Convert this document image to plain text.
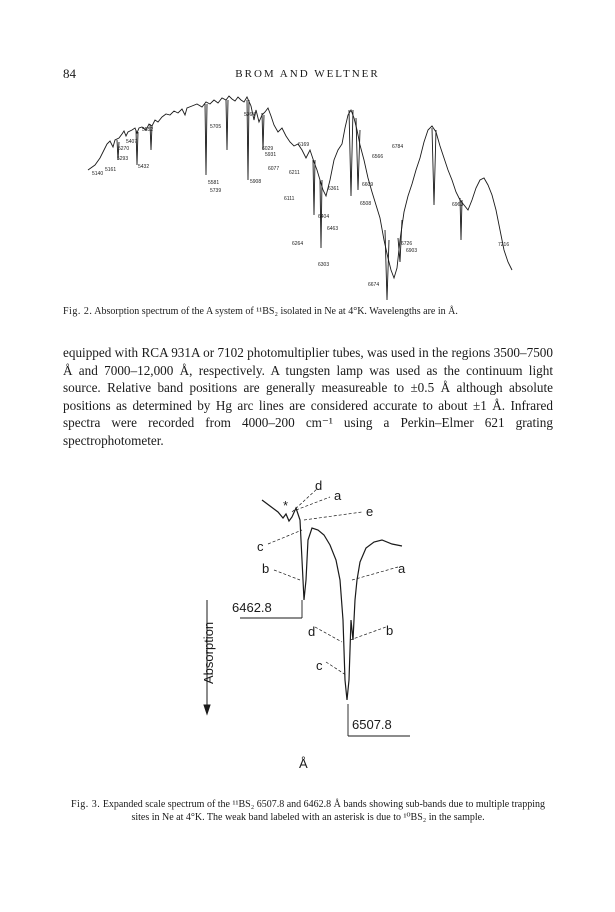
84	BROM AND WELTNER
5270
5407
5552	5705
5764
5293
5432
5581
5739
5908
6029
5931
6077
6169
6211
6361
6508
6566
6609
6784
6963
6404
6463
6264
6303
6726
6903
6674
7216
6111
5140
5161
Fig. 2. Absorption spectrum of the A system of ¹¹BS₂ isolated in Ne at 4°K. Wavelengths are in Å.
equipped with RCA 931A or 7102 photomultiplier tubes, was used in the regions 3500–7500 Å and 7000–12,000 Å, respectively. A tungsten lamp was used as the continuum light source. Relative band positions are generally measureable to ±0.5 Å although absolute positions as determined by Hg arc lines are considered accurate to about ±1 Å. Infrared spectra were recorded from 4000–200 cm⁻¹ using a Perkin–Elmer 621 grating spectrophotometer.
6462.8
6507.8
Absorption
Å
d
a
e
*
c
b	a
d	b
c
Fig. 3. Expanded scale spectrum of the ¹¹BS₂ 6507.8 and 6462.8 Å bands showing sub-bands due to multiple trapping sites in Ne at 4°K. The weak band labeled with an asterisk is due to ¹⁰BS₂ in the sample.
